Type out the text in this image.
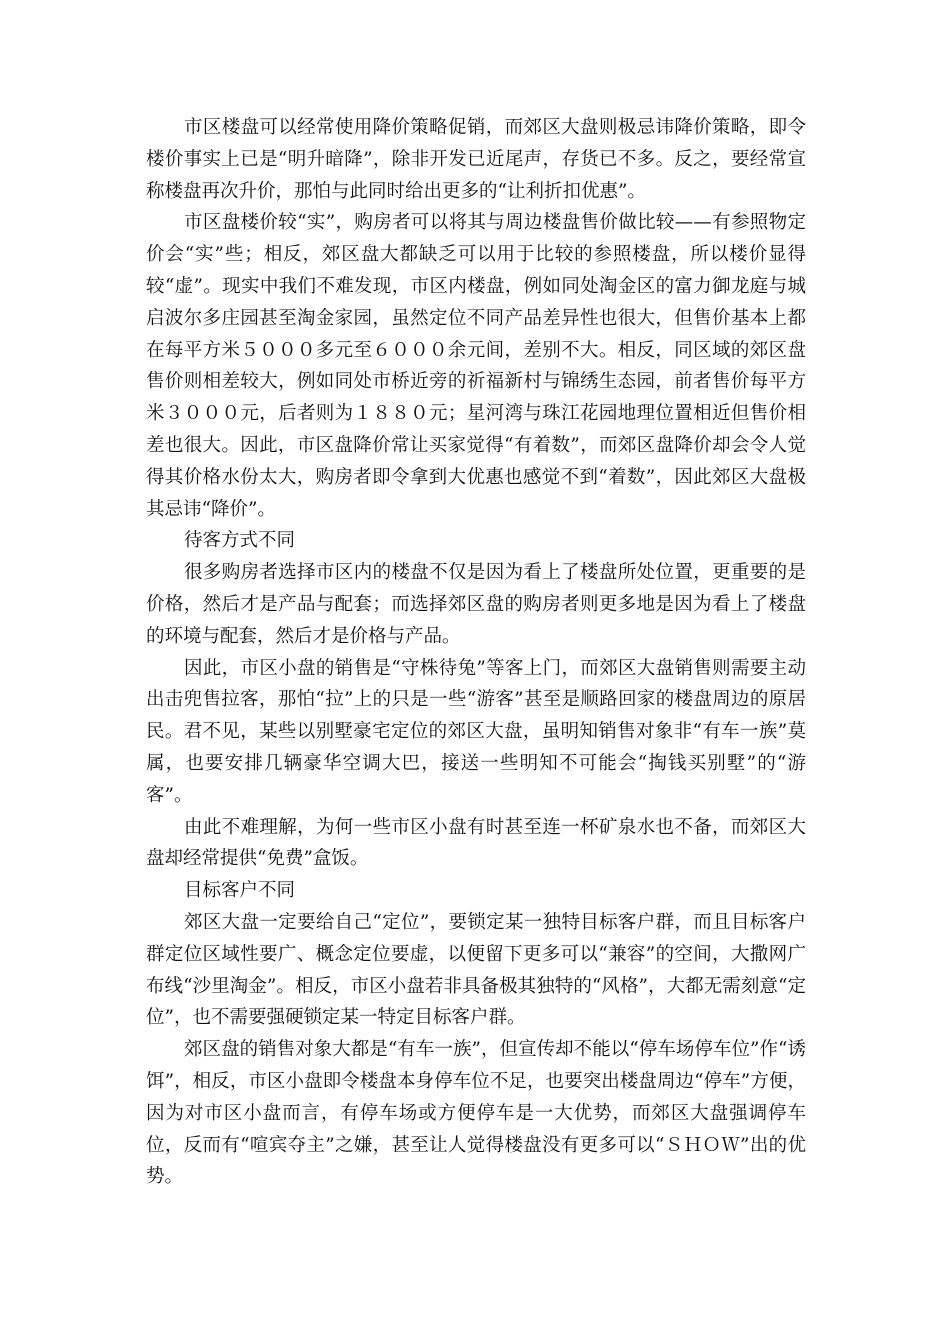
市区楼盘可以经常使用降价策略促销，而郊区大盘则极忌讳降价策略，即令楼价事实上已是“明升暗降”，除非开发已近尾声，存货已不多。反之，要经常宣称楼盘再次升价，那怕与此同时给出更多的“让利折扣优惠”。

市区盘楼价较“实”，购房者可以将其与周边楼盘售价做比较——有参照物定价会“实”些；相反，郊区盘大都缺乏可以用于比较的参照楼盘，所以楼价显得较“虚”。现实中我们不难发现，市区内楼盘，例如同处淘金区的富力御龙庭与城启波尔多庄园甚至淘金家园，虽然定位不同产品差异性也很大，但售价基本上都在每平方米５０００多元至６０００余元间，差别不大。相反，同区域的郊区盘售价则相差较大，例如同处市桥近旁的祈福新村与锦绣生态园，前者售价每平方米３０００元，后者则为１８８０元；星河湾与珠江花园地理位置相近但售价相差也很大。因此，市区盘降价常让买家觉得“有着数”，而郊区盘降价却会令人觉得其价格水份太大，购房者即令拿到大优惠也感觉不到“着数”，因此郊区大盘极其忌讳“降价”。

待客方式不同

很多购房者选择市区内的楼盘不仅是因为看上了楼盘所处位置，更重要的是价格，然后才是产品与配套；而选择郊区盘的购房者则更多地是因为看上了楼盘的环境与配套，然后才是价格与产品。

因此，市区小盘的销售是“守株待兔”等客上门，而郊区大盘销售则需要主动出击兜售拉客，那怕“拉”上的只是一些“游客”甚至是顺路回家的楼盘周边的原居民。君不见，某些以别墅豪宅定位的郊区大盘，虽明知销售对象非“有车一族”莫属，也要安排几辆豪华空调大巴，接送一些明知不可能会“掏钱买别墅”的“游客”。

由此不难理解，为何一些市区小盘有时甚至连一杯矿泉水也不备，而郊区大盘却经常提供“免费”盒饭。

目标客户不同

郊区大盘一定要给自己“定位”，要锁定某一独特目标客户群，而且目标客户群定位区域性要广、概念定位要虚，以便留下更多可以“兼容”的空间，大撒网广布线“沙里淘金”。相反，市区小盘若非具备极其独特的“风格”，大都无需刻意“定位”，也不需要强硬锁定某一特定目标客户群。

郊区盘的销售对象大都是“有车一族”，但宣传却不能以“停车场停车位”作“诱饵”，相反，市区小盘即令楼盘本身停车位不足，也要突出楼盘周边“停车”方便，因为对市区小盘而言，有停车场或方便停车是一大优势，而郊区大盘强调停车位，反而有“喧宾夺主”之嫌，甚至让人觉得楼盘没有更多可以“ＳＨＯＷ”出的优势。
